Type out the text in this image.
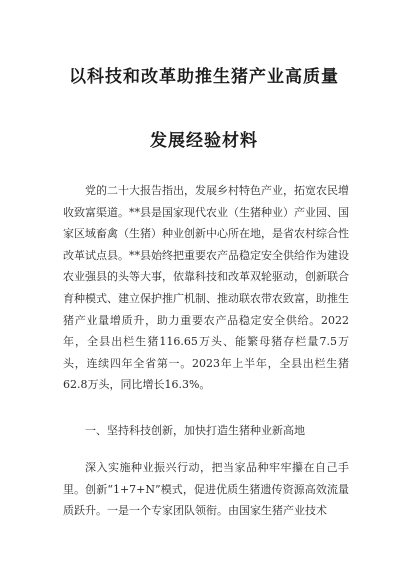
以科技和改革助推生猪产业高质量
发展经验材料

党的二十大报告指出，发展乡村特色产业，拓宽农民增收致富渠道。**县是国家现代农业（生猪种业）产业园、国家区域畜禽（生猪）种业创新中心所在地，是省农村综合性改革试点县。**县始终把重要农产品稳定安全供给作为建设农业强县的头等大事，依靠科技和改革双轮驱动，创新联合育种模式、建立保护推广机制、推动联农带农致富，助推生猪产业量增质升，助力重要农产品稳定安全供给。2022年，全县出栏生猪116.65万头、能繁母猪存栏量7.5万头，连续四年全省第一。2023年上半年，全县出栏生猪62.8万头，同比增长16.3%。

一、坚持科技创新，加快打造生猪种业新高地

深入实施种业振兴行动，把当家品种牢牢攥在自己手里。创新“1+7+N”模式，促进优质生猪遗传资源高效流量质跃升。一是一个专家团队领衔。由国家生猪产业技术
